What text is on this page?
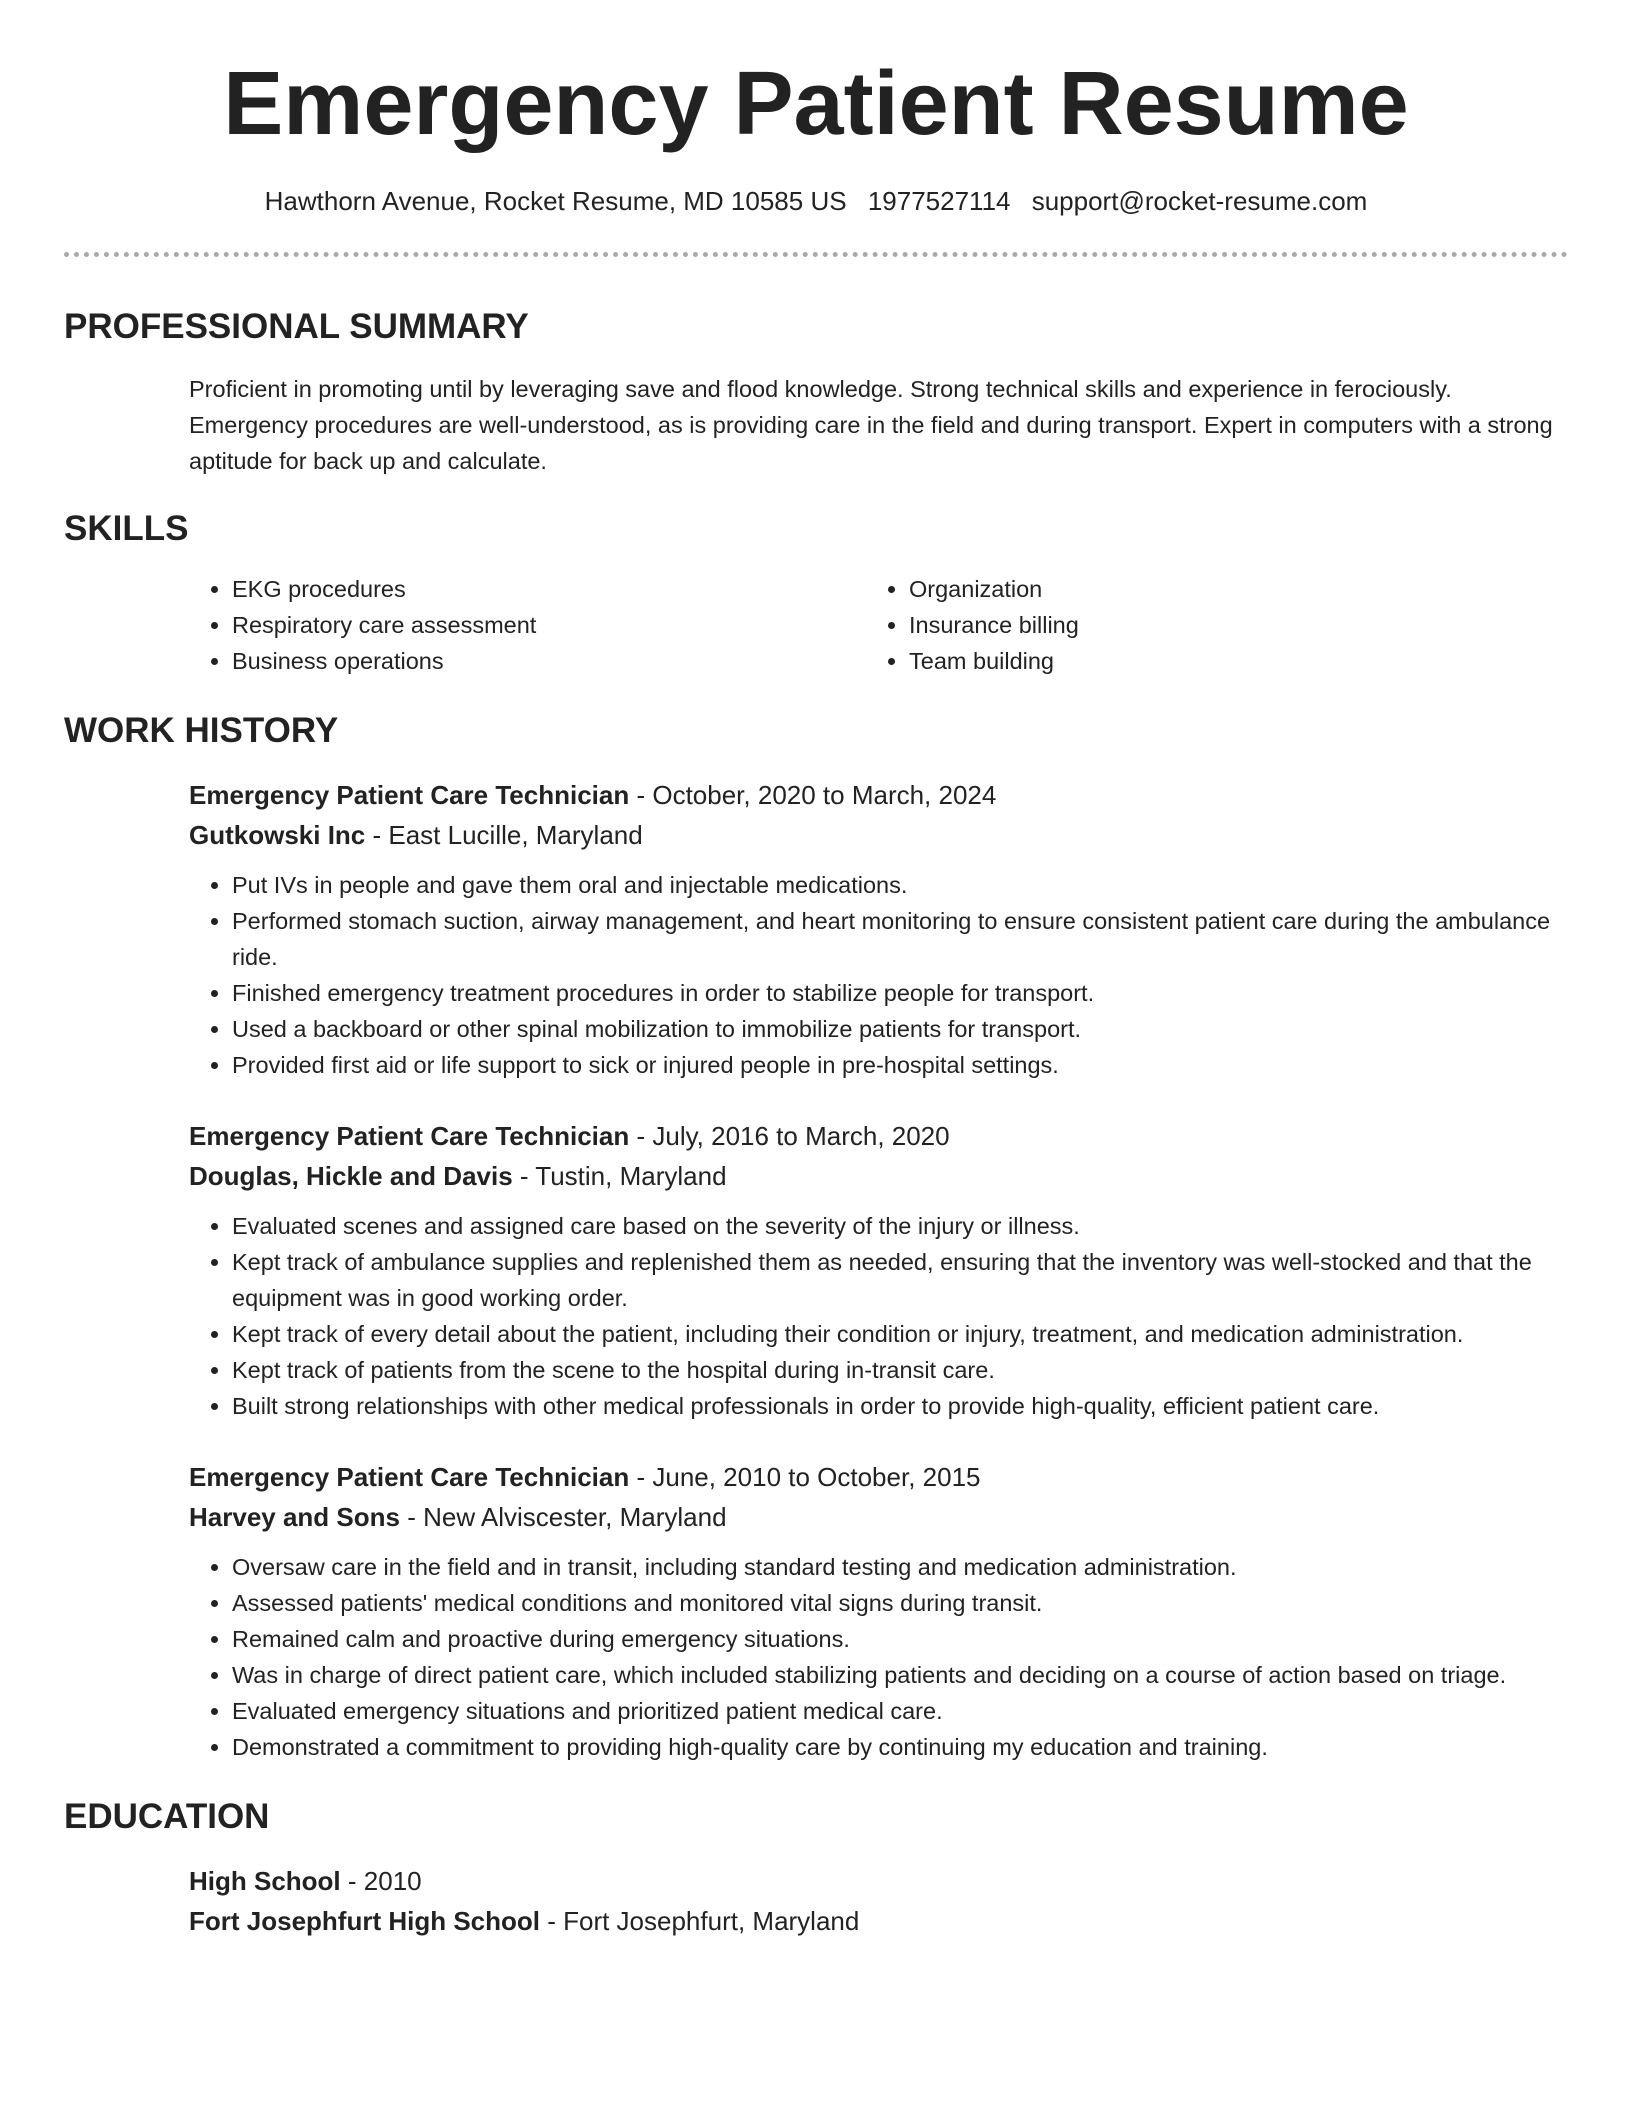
Emergency Patient Resume
Hawthorn Avenue, Rocket Resume, MD 10585 US 1977527114 support@rocket-resume.com
PROFESSIONAL SUMMARY
Proficient in promoting until by leveraging save and flood knowledge. Strong technical skills and experience in ferociously. Emergency procedures are well-understood, as is providing care in the field and during transport. Expert in computers with a strong aptitude for back up and calculate.
SKILLS
• EKG procedures
• Respiratory care assessment
• Business operations
• Organization
• Insurance billing
• Team building
WORK HISTORY
Emergency Patient Care Technician - October, 2020 to March, 2024
Gutkowski Inc - East Lucille, Maryland
• Put IVs in people and gave them oral and injectable medications.
• Performed stomach suction, airway management, and heart monitoring to ensure consistent patient care during the ambulance ride.
• Finished emergency treatment procedures in order to stabilize people for transport.
• Used a backboard or other spinal mobilization to immobilize patients for transport.
• Provided first aid or life support to sick or injured people in pre-hospital settings.
Emergency Patient Care Technician - July, 2016 to March, 2020
Douglas, Hickle and Davis - Tustin, Maryland
• Evaluated scenes and assigned care based on the severity of the injury or illness.
• Kept track of ambulance supplies and replenished them as needed, ensuring that the inventory was well-stocked and that the equipment was in good working order.
• Kept track of every detail about the patient, including their condition or injury, treatment, and medication administration.
• Kept track of patients from the scene to the hospital during in-transit care.
• Built strong relationships with other medical professionals in order to provide high-quality, efficient patient care.
Emergency Patient Care Technician - June, 2010 to October, 2015
Harvey and Sons - New Alviscester, Maryland
• Oversaw care in the field and in transit, including standard testing and medication administration.
• Assessed patients' medical conditions and monitored vital signs during transit.
• Remained calm and proactive during emergency situations.
• Was in charge of direct patient care, which included stabilizing patients and deciding on a course of action based on triage.
• Evaluated emergency situations and prioritized patient medical care.
• Demonstrated a commitment to providing high-quality care by continuing my education and training.
EDUCATION
High School - 2010
Fort Josephfurt High School - Fort Josephfurt, Maryland
